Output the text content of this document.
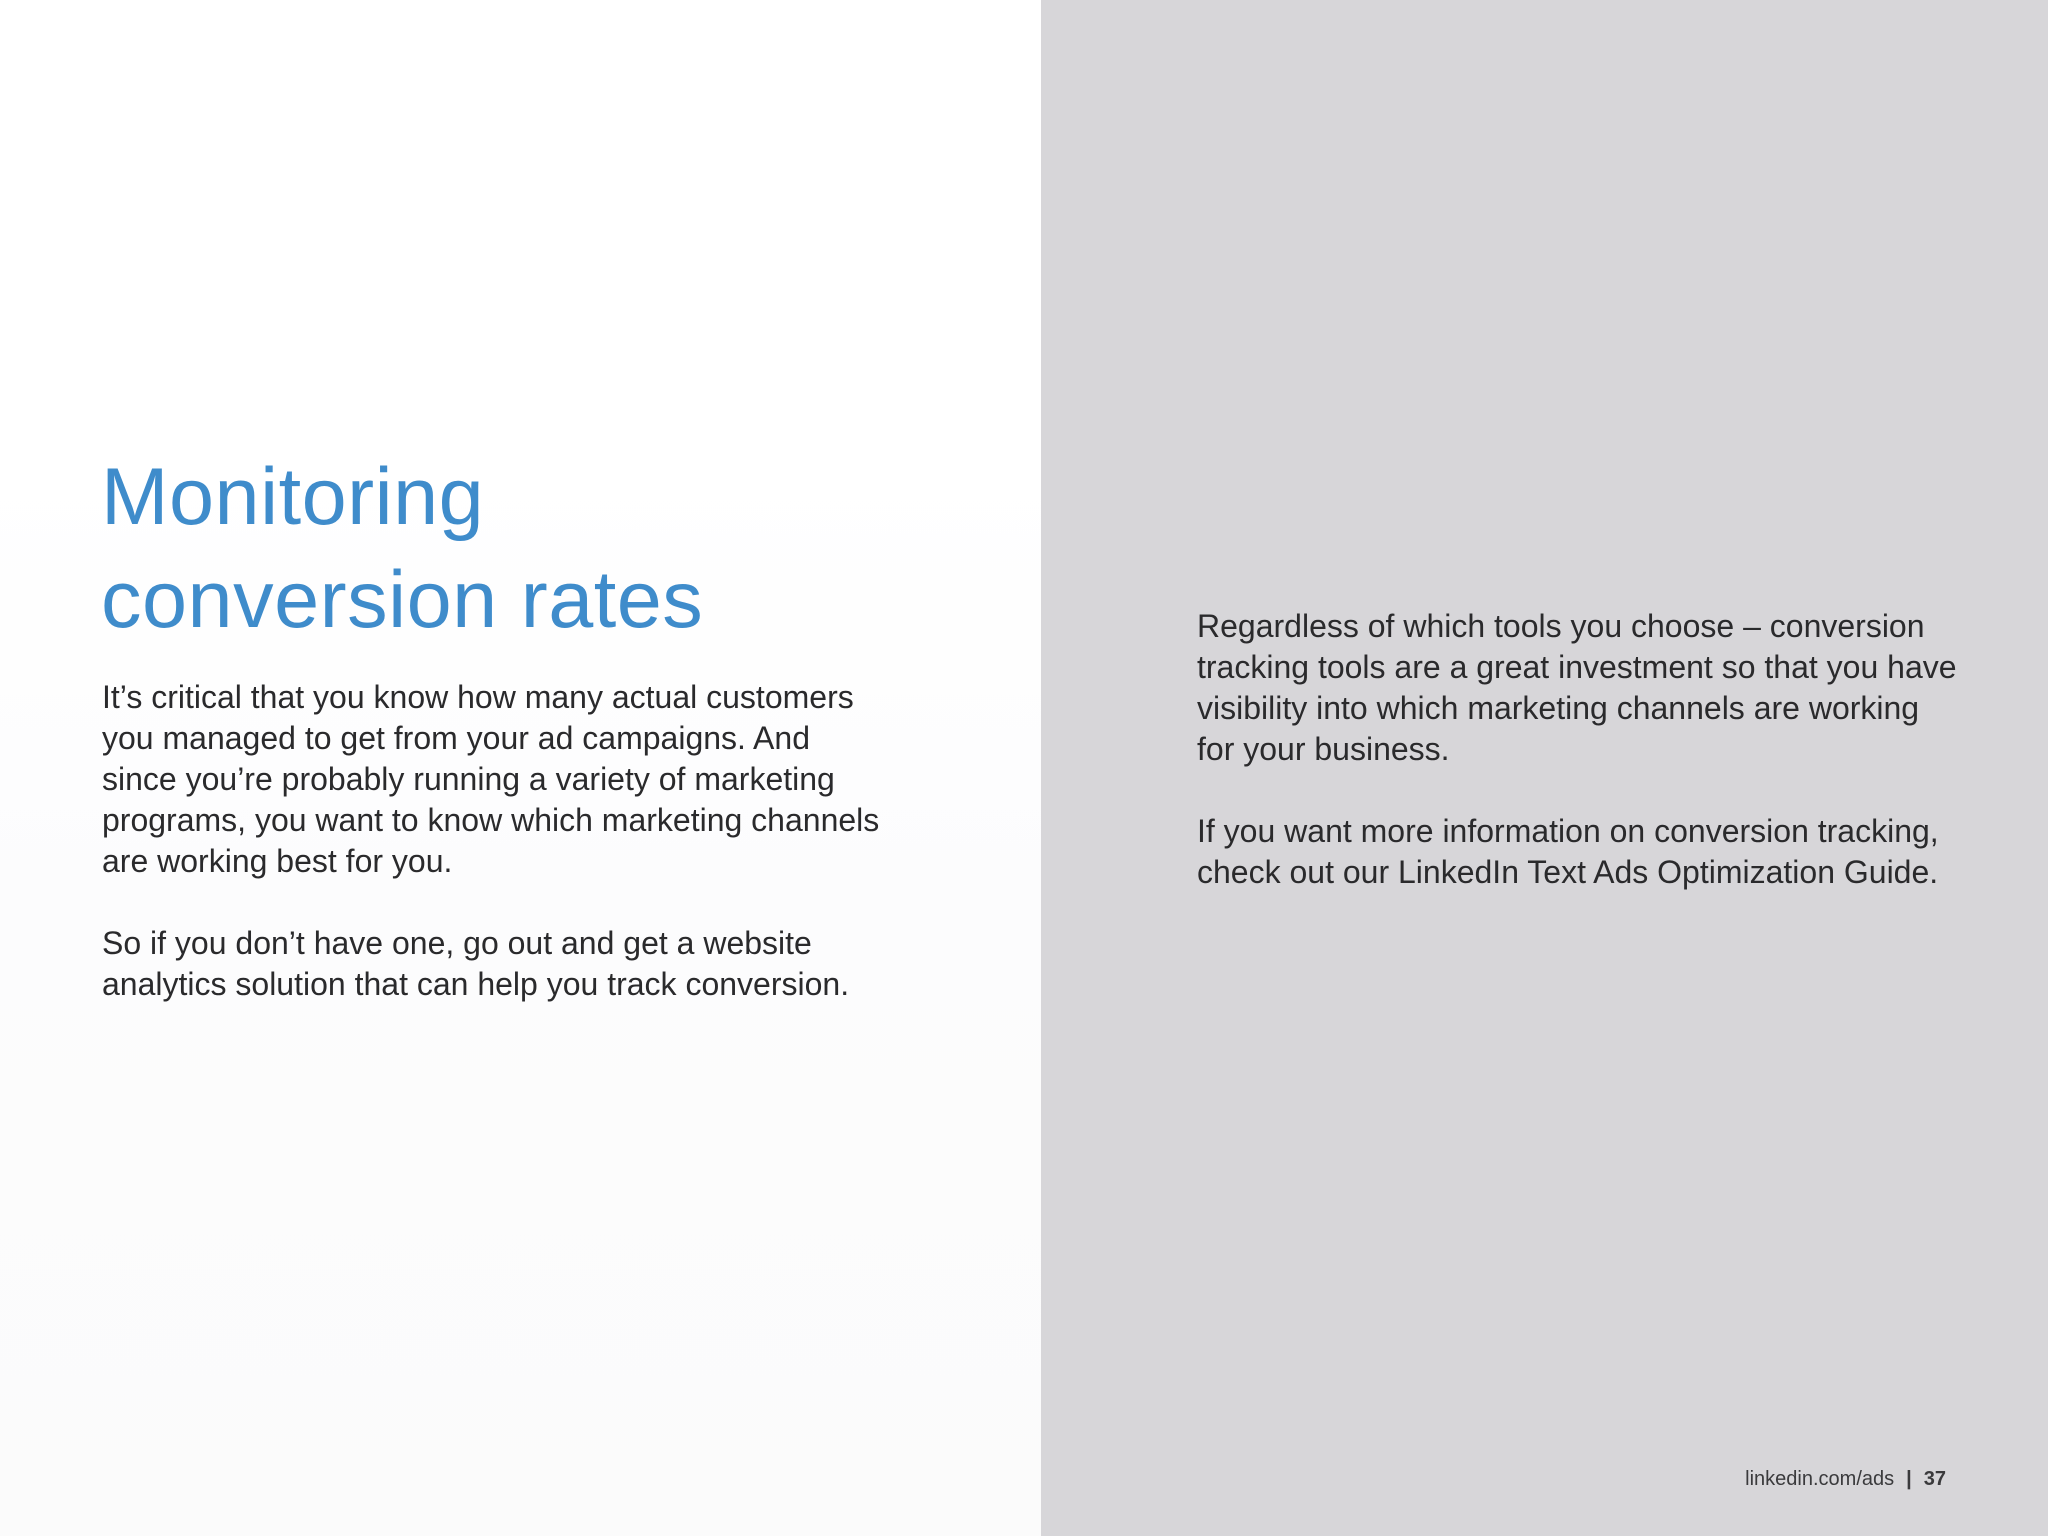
Monitoring
conversion rates

It’s critical that you know how many actual customers you managed to get from your ad campaigns. And since you’re probably running a variety of marketing programs, you want to know which marketing channels are working best for you.

So if you don’t have one, go out and get a website analytics solution that can help you track conversion.

Regardless of which tools you choose – conversion tracking tools are a great investment so that you have visibility into which marketing channels are working for your business.

If you want more information on conversion tracking, check out our LinkedIn Text Ads Optimization Guide.

linkedin.com/ads | 37
